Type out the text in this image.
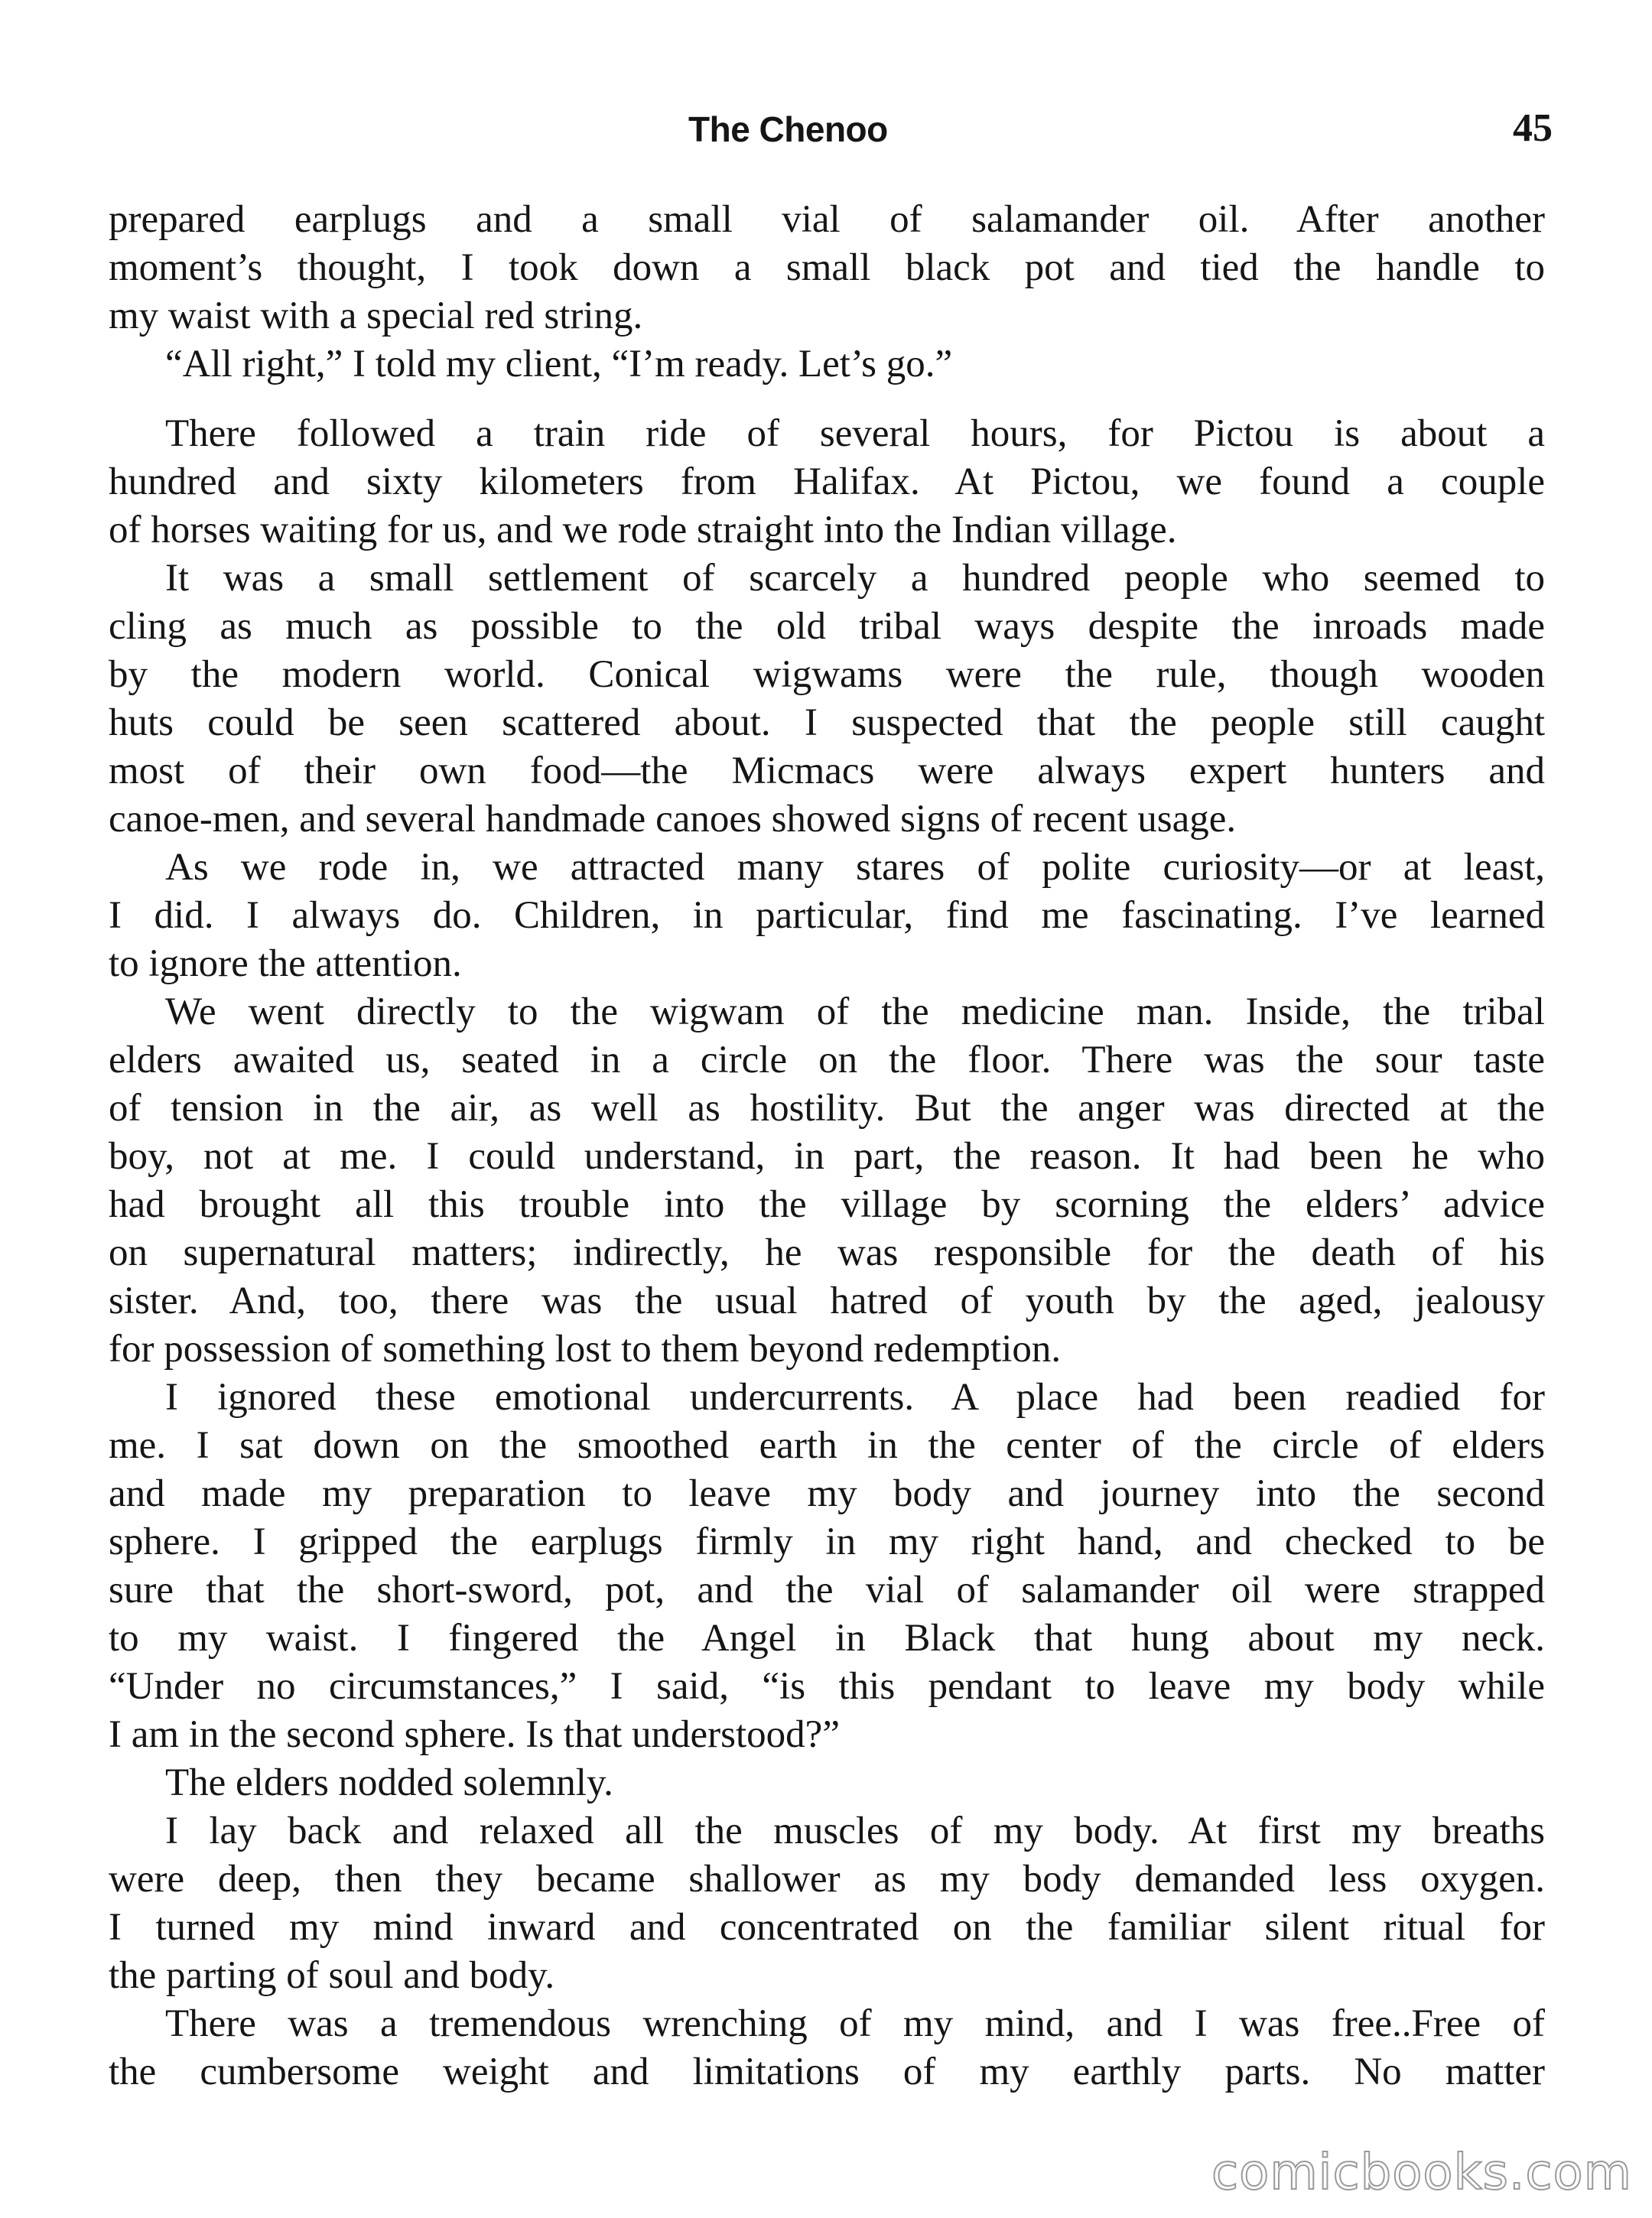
The Chenoo	45
prepared earplugs and a small vial of salamander oil. After another
moment’s thought, I took down a small black pot and tied the handle to
my waist with a special red string.
“All right,” I told my client, “I’m ready. Let’s go.”
There followed a train ride of several hours, for Pictou is about a
hundred and sixty kilometers from Halifax. At Pictou, we found a couple
of horses waiting for us, and we rode straight into the Indian village.
It was a small settlement of scarcely a hundred people who seemed to
cling as much as possible to the old tribal ways despite the inroads made
by the modern world. Conical wigwams were the rule, though wooden
huts could be seen scattered about. I suspected that the people still caught
most of their own food—the Micmacs were always expert hunters and
canoe-men, and several handmade canoes showed signs of recent usage.
As we rode in, we attracted many stares of polite curiosity—or at least,
I did. I always do. Children, in particular, find me fascinating. I’ve learned
to ignore the attention.
We went directly to the wigwam of the medicine man. Inside, the tribal
elders awaited us, seated in a circle on the floor. There was the sour taste
of tension in the air, as well as hostility. But the anger was directed at the
boy, not at me. I could understand, in part, the reason. It had been he who
had brought all this trouble into the village by scorning the elders’ advice
on supernatural matters; indirectly, he was responsible for the death of his
sister. And, too, there was the usual hatred of youth by the aged, jealousy
for possession of something lost to them beyond redemption.
I ignored these emotional undercurrents. A place had been readied for
me. I sat down on the smoothed earth in the center of the circle of elders
and made my preparation to leave my body and journey into the second
sphere. I gripped the earplugs firmly in my right hand, and checked to be
sure that the short-sword, pot, and the vial of salamander oil were strapped
to my waist. I fingered the Angel in Black that hung about my neck.
“Under no circumstances,” I said, “is this pendant to leave my body while
I am in the second sphere. Is that understood?”
The elders nodded solemnly.
I lay back and relaxed all the muscles of my body. At first my breaths
were deep, then they became shallower as my body demanded less oxygen.
I turned my mind inward and concentrated on the familiar silent ritual for
the parting of soul and body.
There was a tremendous wrenching of my mind, and I was free..Free of
the cumbersome weight and limitations of my earthly parts. No matter
comicbooks.com
